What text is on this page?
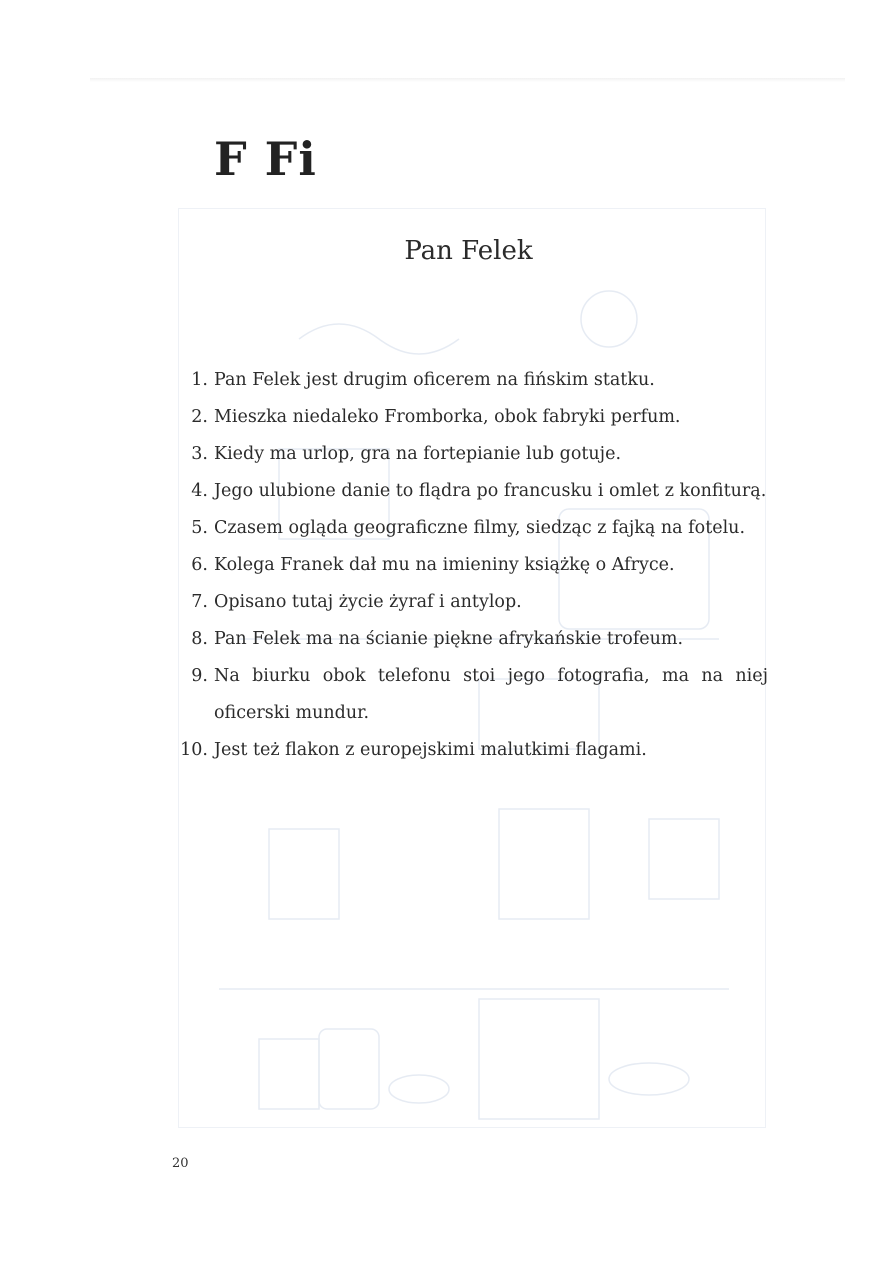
F Fi
Pan Felek
1. Pan Felek jest drugim oficerem na fińskim statku.
2. Mieszka niedaleko Fromborka, obok fabryki perfum.
3. Kiedy ma urlop, gra na fortepianie lub gotuje.
4. Jego ulubione danie to flądra po francusku i omlet z konfiturą.
5. Czasem ogląda geograficzne filmy, siedząc z fajką na fotelu.
6. Kolega Franek dał mu na imieniny książkę o Afryce.
7. Opisano tutaj życie żyraf i antylop.
8. Pan Felek ma na ścianie piękne afrykańskie trofeum.
9. Na biurku obok telefonu stoi jego fotografia, ma na niej oficerski mundur.
10. Jest też flakon z europejskimi malutkimi flagami.
20
